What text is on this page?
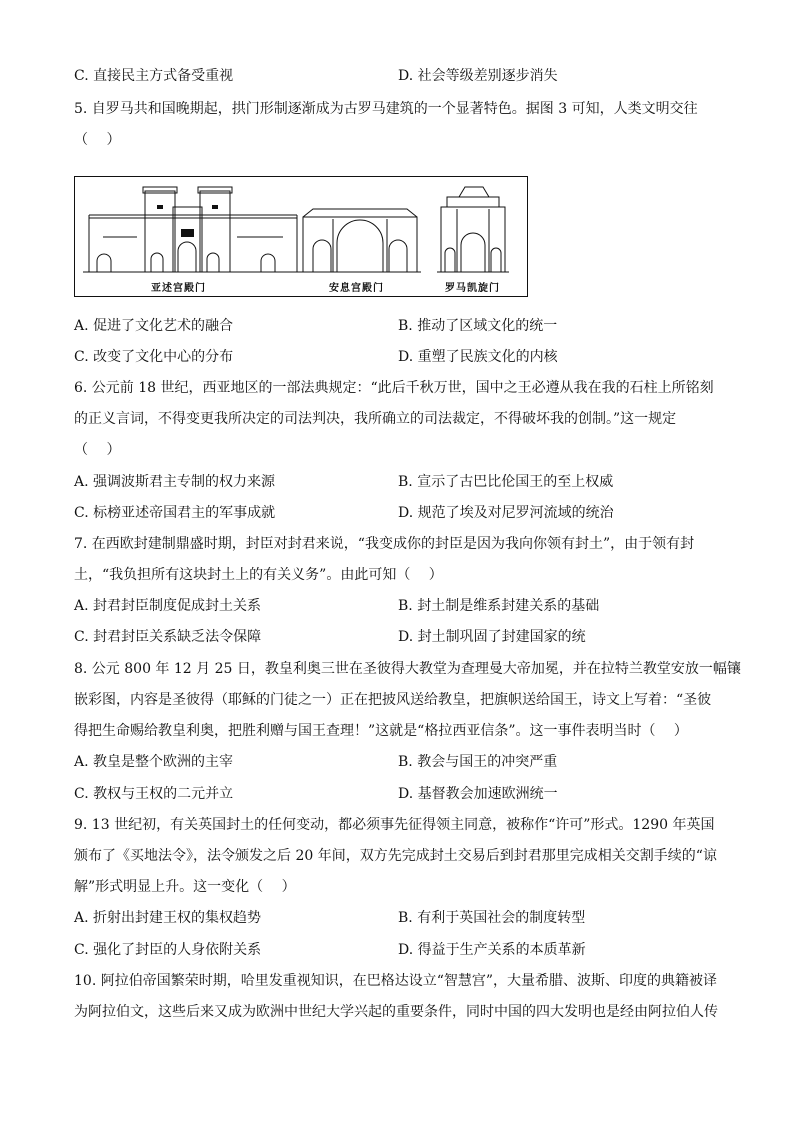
C. 直接民主方式备受重视	D. 社会等级差别逐步消失
5. 自罗马共和国晚期起，拱门形制逐渐成为古罗马建筑的一个显著特色。据图 3 可知，人类文明交往
（　 ）
亚述宫殿门	安息宫殿门	罗马凯旋门
A. 促进了文化艺术的融合	B. 推动了区域文化的统一
C. 改变了文化中心的分布	D. 重塑了民族文化的内核
6. 公元前 18 世纪，西亚地区的一部法典规定：“此后千秋万世，国中之王必遵从我在我的石柱上所铭刻
的正义言词，不得变更我所决定的司法判决，我所确立的司法裁定，不得破坏我的创制。”这一规定
（　 ）
A. 强调波斯君主专制的权力来源	B. 宣示了古巴比伦国王的至上权威
C. 标榜亚述帝国君主的军事成就	D. 规范了埃及对尼罗河流域的统治
7. 在西欧封建制鼎盛时期，封臣对封君来说，“我变成你的封臣是因为我向你领有封土”，由于领有封
土，“我负担所有这块封土上的有关义务”。由此可知（　 ）
A. 封君封臣制度促成封土关系	B. 封土制是维系封建关系的基础
C. 封君封臣关系缺乏法令保障	D. 封土制巩固了封建国家的统
8. 公元 800 年 12 月 25 日，教皇利奥三世在圣彼得大教堂为查理曼大帝加冕，并在拉特兰教堂安放一幅镶
嵌彩图，内容是圣彼得（耶稣的门徒之一）正在把披风送给教皇，把旗帜送给国王，诗文上写着：“圣彼
得把生命赐给教皇利奥，把胜利赠与国王查理！”这就是“格拉西亚信条”。这一事件表明当时（　 ）
A. 教皇是整个欧洲的主宰	B. 教会与国王的冲突严重
C. 教权与王权的二元并立	D. 基督教会加速欧洲统一
9. 13 世纪初，有关英国封土的任何变动，都必须事先征得领主同意，被称作“许可”形式。1290 年英国
颁布了《买地法令》，法令颁发之后 20 年间，双方先完成封土交易后到封君那里完成相关交割手续的“谅
解”形式明显上升。这一变化（　 ）
A. 折射出封建王权的集权趋势	B. 有利于英国社会的制度转型
C. 强化了封臣的人身依附关系	D. 得益于生产关系的本质革新
10. 阿拉伯帝国繁荣时期，哈里发重视知识，在巴格达设立“智慧宫”，大量希腊、波斯、印度的典籍被译
为阿拉伯文，这些后来又成为欧洲中世纪大学兴起的重要条件，同时中国的四大发明也是经由阿拉伯人传
